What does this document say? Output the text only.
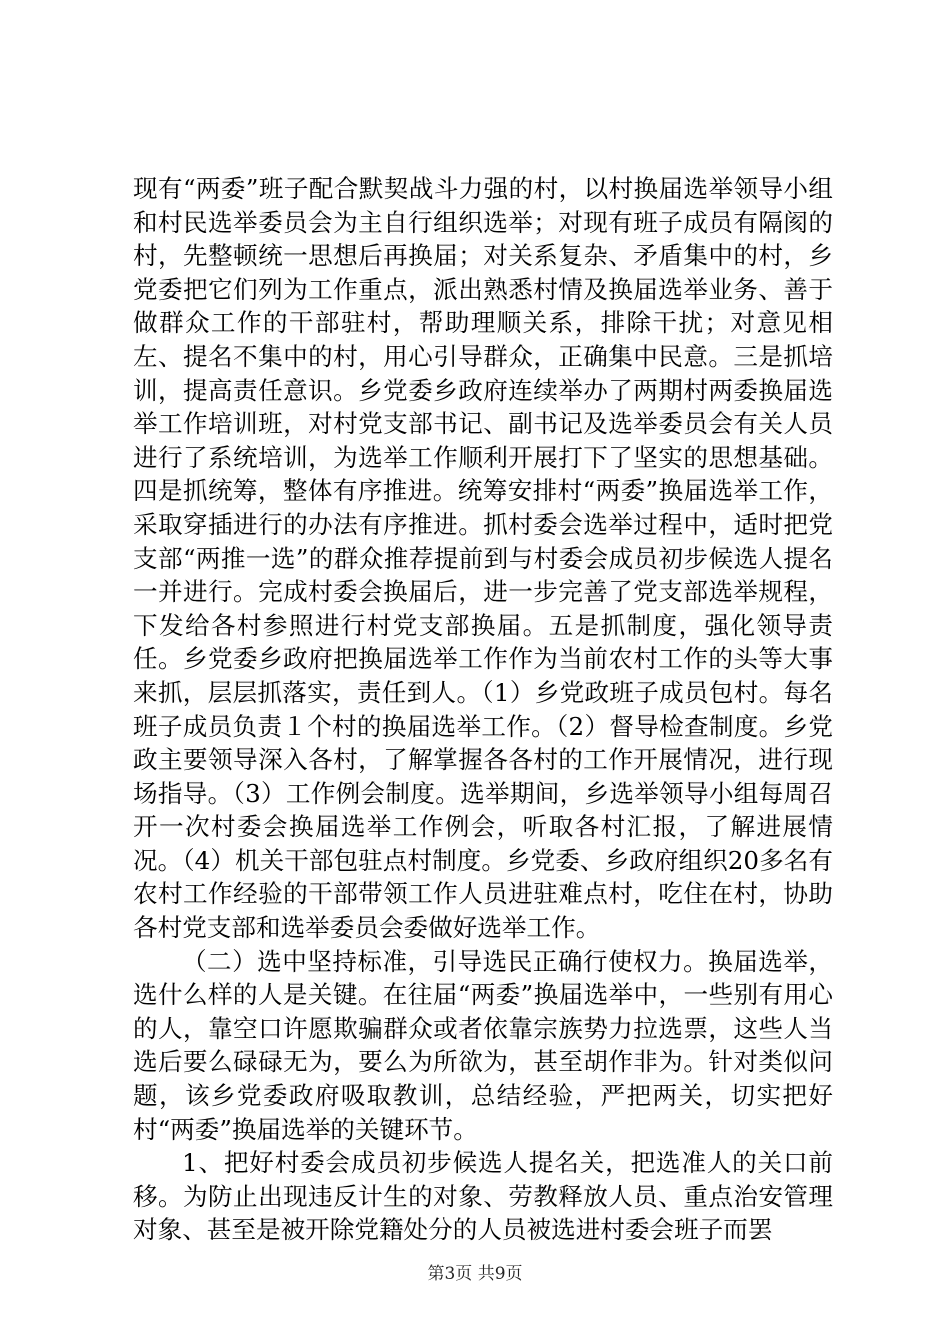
现有“两委”班子配合默契战斗力强的村，以村换届选举领导小组和村民选举委员会为主自行组织选举；对现有班子成员有隔阂的村，先整顿统一思想后再换届；对关系复杂、矛盾集中的村，乡党委把它们列为工作重点，派出熟悉村情及换届选举业务、善于做群众工作的干部驻村，帮助理顺关系，排除干扰；对意见相左、提名不集中的村，用心引导群众，正确集中民意。三是抓培训，提高责任意识。乡党委乡政府连续举办了两期村两委换届选举工作培训班，对村党支部书记、副书记及选举委员会有关人员进行了系统培训，为选举工作顺利开展打下了坚实的思想基础。四是抓统筹，整体有序推进。统筹安排村“两委”换届选举工作，采取穿插进行的办法有序推进。抓村委会选举过程中，适时把党支部“两推一选”的群众推荐提前到与村委会成员初步候选人提名一并进行。完成村委会换届后，进一步完善了党支部选举规程，下发给各村参照进行村党支部换届。五是抓制度，强化领导责任。乡党委乡政府把换届选举工作作为当前农村工作的头等大事来抓，层层抓落实，责任到人。（1）乡党政班子成员包村。每名班子成员负责１个村的换届选举工作。（2）督导检查制度。乡党政主要领导深入各村，了解掌握各各村的工作开展情况，进行现场指导。（3）工作例会制度。选举期间，乡选举领导小组每周召开一次村委会换届选举工作例会，听取各村汇报，了解进展情况。（4）机关干部包驻点村制度。乡党委、乡政府组织20多名有农村工作经验的干部带领工作人员进驻难点村，吃住在村，协助各村党支部和选举委员会委做好选举工作。

（二）选中坚持标准，引导选民正确行使权力。换届选举，选什么样的人是关键。在往届“两委”换届选举中，一些别有用心的人，靠空口许愿欺骗群众或者依靠宗族势力拉选票，这些人当选后要么碌碌无为，要么为所欲为，甚至胡作非为。针对类似问题，该乡党委政府吸取教训，总结经验，严把两关，切实把好村“两委”换届选举的关键环节。

1、把好村委会成员初步候选人提名关，把选准人的关口前移。为防止出现违反计生的对象、劳教释放人员、重点治安管理对象、甚至是被开除党籍处分的人员被选进村委会班子而罢

第3页 共9页
